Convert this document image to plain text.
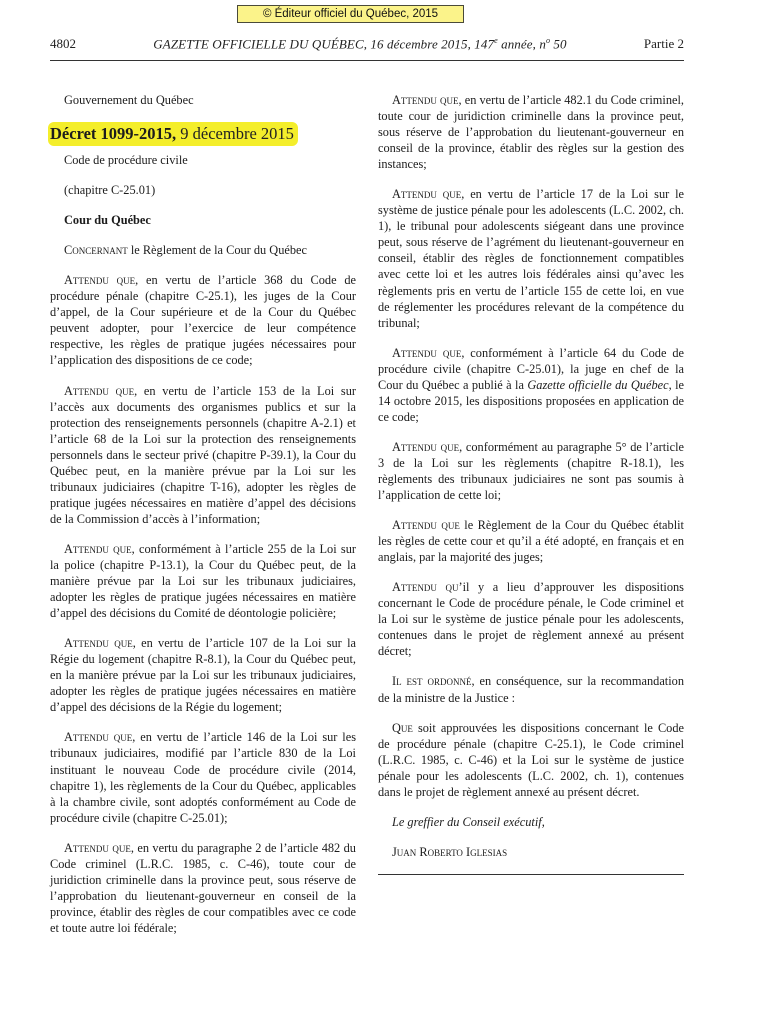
© Éditeur officiel du Québec, 2015
4802	GAZETTE OFFICIELLE DU QUÉBEC, 16 décembre 2015, 147e année, $n^o$ 50	Partie 2

Gouvernement du Québec

Décret 1099-2015, 9 décembre 2015

Code de procédure civile

(chapitre C-25.01)

Cour du Québec

Concernant le Règlement de la Cour du Québec

Attendu que, en vertu de l’article 368 du Code de procédure pénale (chapitre C-25.1), les juges de la Cour d’appel, de la Cour supérieure et de la Cour du Québec peuvent adopter, pour l’exercice de leur compétence respective, les règles de pratique jugées nécessaires pour l’application des dispositions de ce code;

Attendu que, en vertu de l’article 153 de la Loi sur l’accès aux documents des organismes publics et sur la protection des renseignements personnels (chapitre A-2.1) et l’article 68 de la Loi sur la protection des renseignements personnels dans le secteur privé (chapitre P-39.1), la Cour du Québec peut, en la manière prévue par la Loi sur les tribunaux judiciaires (chapitre T-16), adopter les règles de pratique jugées nécessaires en matière d’appel des décisions de la Commission d’accès à l’information;

Attendu que, conformément à l’article 255 de la Loi sur la police (chapitre P-13.1), la Cour du Québec peut, de la manière prévue par la Loi sur les tribunaux judiciaires, adopter les règles de pratique jugées nécessaires en matière d’appel des décisions du Comité de déontologie policière;

Attendu que, en vertu de l’article 107 de la Loi sur la Régie du logement (chapitre R-8.1), la Cour du Québec peut, en la manière prévue par la Loi sur les tribunaux judiciaires, adopter les règles de pratique jugées nécessaires en matière d’appel des décisions de la Régie du logement;

Attendu que, en vertu de l’article 146 de la Loi sur les tribunaux judiciaires, modifié par l’article 830 de la Loi instituant le nouveau Code de procédure civile (2014, chapitre 1), les règlements de la Cour du Québec, applicables à la chambre civile, sont adoptés conformément au Code de procédure civile (chapitre C-25.01);

Attendu que, en vertu du paragraphe 2 de l’article 482 du Code criminel (L.R.C. 1985, c. C-46), toute cour de juridiction criminelle dans la province peut, sous réserve de l’approbation du lieutenant-gouverneur en conseil de la province, établir des règles de cour compatibles avec ce code et toute autre loi fédérale;

Attendu que, en vertu de l’article 482.1 du Code criminel, toute cour de juridiction criminelle dans la province peut, sous réserve de l’approbation du lieutenant-gouverneur en conseil de la province, établir des règles sur la gestion des instances;

Attendu que, en vertu de l’article 17 de la Loi sur le système de justice pénale pour les adolescents (L.C. 2002, ch. 1), le tribunal pour adolescents siégeant dans une province peut, sous réserve de l’agrément du lieutenant-gouverneur en conseil, établir des règles de fonctionnement compatibles avec cette loi et les autres lois fédérales ainsi qu’avec les règlements pris en vertu de l’article 155 de cette loi, en vue de réglementer les procédures relevant de la compétence du tribunal;

Attendu que, conformément à l’article 64 du Code de procédure civile (chapitre C-25.01), la juge en chef de la Cour du Québec a publié à la Gazette officielle du Québec, le 14 octobre 2015, les dispositions proposées en application de ce code;

Attendu que, conformément au paragraphe 5° de l’article 3 de la Loi sur les règlements (chapitre R-18.1), les règlements des tribunaux judiciaires ne sont pas soumis à l’application de cette loi;

Attendu que le Règlement de la Cour du Québec établit les règles de cette cour et qu’il a été adopté, en français et en anglais, par la majorité des juges;

Attendu qu’il y a lieu d’approuver les dispositions concernant le Code de procédure pénale, le Code criminel et la Loi sur le système de justice pénale pour les adolescents, contenues dans le projet de règlement annexé au présent décret;

Il est ordonné, en conséquence, sur la recommandation de la ministre de la Justice :

Que soit approuvées les dispositions concernant le Code de procédure pénale (chapitre C-25.1), le Code criminel (L.R.C. 1985, c. C-46) et la Loi sur le système de justice pénale pour les adolescents (L.C. 2002, ch. 1), contenues dans le projet de règlement annexé au présent décret.

Le greffier du Conseil exécutif,

Juan Roberto Iglesias
